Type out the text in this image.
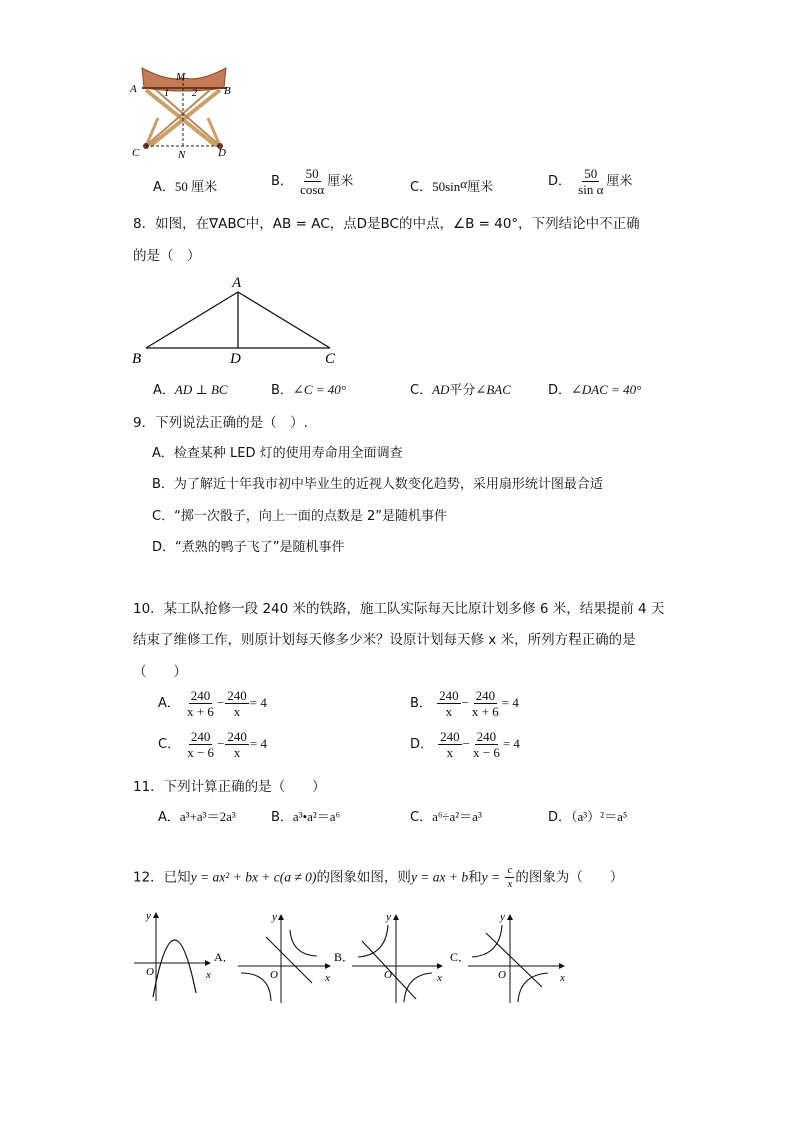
M
A	B
1 2
C	N	D
A．50 厘米	B． $\frac{50}{\cos\alpha}$ 厘米	C．50sinα厘米	D． $\frac{50}{\text{sin α}}$ 厘米
8．如图，在∇ABC中，AB = AC，点D是BC的中点，∠B = 40°，下列结论中不正确
的是（　）
A
B	D	C
A．AD ⊥ BC	B．∠C = 40°	C．AD平分∠BAC	D．∠DAC = 40°
9．下列说法正确的是（　）.
A．检查某种 LED 灯的使用寿命用全面调查
B．为了解近十年我市初中毕业生的近视人数变化趋势，采用扇形统计图最合适
C．“掷一次骰子，向上一面的点数是 2”是随机事件
D．“煮熟的鸭子飞了”是随机事件
10．某工队抢修一段 240 米的铁路，施工队实际每天比原计划多修 6 米，结果提前 4 天
结束了维修工作，则原计划每天修多少米？设原计划每天修 x 米，所列方程正确的是
（　　）
A． $\frac{240}{x + 6} - \frac{240}{x} = 4$	B． $\frac{240}{x} - \frac{240}{x + 6} = 4$
C． $\frac{240}{x - 6} - \frac{240}{x} = 4$	D． $\frac{240}{x} - \frac{240}{x - 6} = 4$
11．下列计算正确的是（　　）
A．a³+a³＝2a³	B．a³•a²＝a⁶	C．a⁶÷a²＝a³	D．（a³）²＝a⁵
12．已知y = ax² + bx + c(a ≠ 0)的图象如图，则y = ax + b和$y = \frac{c}{x}$ 的图象为（　　）
y
O	x
A．
y
O	x
B．
y
O	x
C．
y
O	x
